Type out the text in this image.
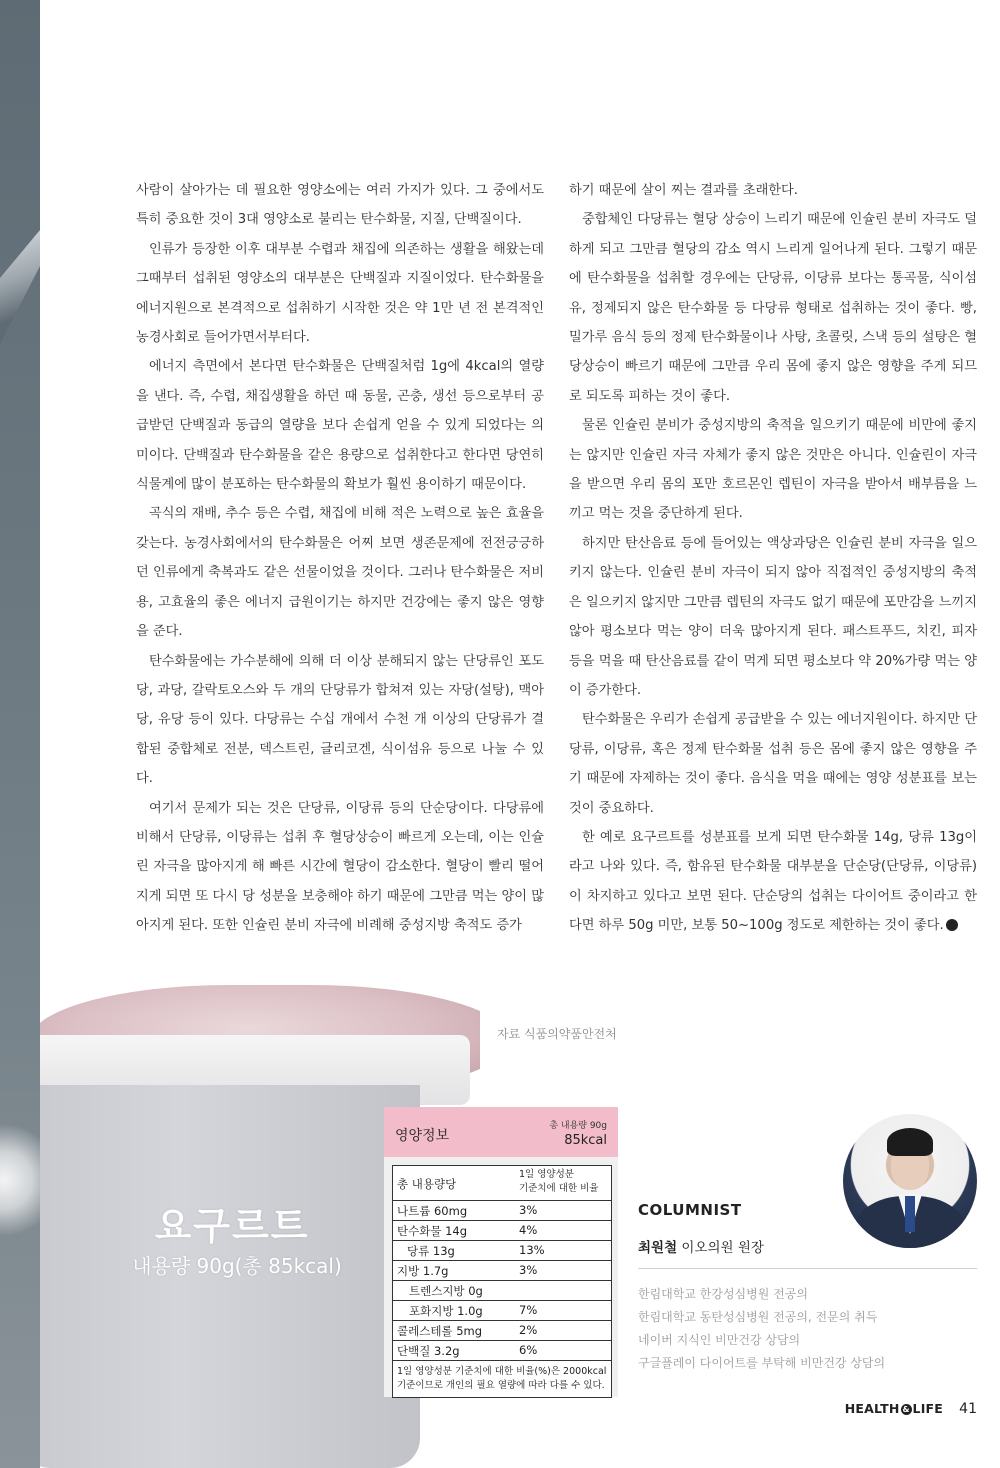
사람이 살아가는 데 필요한 영양소에는 여러 가지가 있다. 그 중에서도 특히 중요한 것이 3대 영양소로 불리는 탄수화물, 지질, 단백질이다.

인류가 등장한 이후 대부분 수렵과 채집에 의존하는 생활을 해왔는데 그때부터 섭취된 영양소의 대부분은 단백질과 지질이었다. 탄수화물을 에너지원으로 본격적으로 섭취하기 시작한 것은 약 1만 년 전 본격적인 농경사회로 들어가면서부터다.

에너지 측면에서 본다면 탄수화물은 단백질처럼 1g에 4kcal의 열량을 낸다. 즉, 수렵, 채집생활을 하던 때 동물, 곤충, 생선 등으로부터 공급받던 단백질과 동급의 열량을 보다 손쉽게 얻을 수 있게 되었다는 의미이다. 단백질과 탄수화물을 같은 용량으로 섭취한다고 한다면 당연히 식물계에 많이 분포하는 탄수화물의 확보가 훨씬 용이하기 때문이다.

곡식의 재배, 추수 등은 수렵, 채집에 비해 적은 노력으로 높은 효율을 갖는다. 농경사회에서의 탄수화물은 어찌 보면 생존문제에 전전긍긍하던 인류에게 축복과도 같은 선물이었을 것이다. 그러나 탄수화물은 저비용, 고효율의 좋은 에너지 급원이기는 하지만 건강에는 좋지 않은 영향을 준다.

탄수화물에는 가수분해에 의해 더 이상 분해되지 않는 단당류인 포도당, 과당, 갈락토오스와 두 개의 단당류가 합쳐져 있는 자당(설탕), 맥아당, 유당 등이 있다. 다당류는 수십 개에서 수천 개 이상의 단당류가 결합된 중합체로 전분, 덱스트린, 글리코겐, 식이섬유 등으로 나눌 수 있다.

여기서 문제가 되는 것은 단당류, 이당류 등의 단순당이다. 다당류에 비해서 단당류, 이당류는 섭취 후 혈당상승이 빠르게 오는데, 이는 인슐린 자극을 많아지게 해 빠른 시간에 혈당이 감소한다. 혈당이 빨리 떨어지게 되면 또 다시 당 성분을 보충해야 하기 때문에 그만큼 먹는 양이 많아지게 된다. 또한 인슐린 분비 자극에 비례해 중성지방 축적도 증가

하기 때문에 살이 찌는 결과를 초래한다.

중합체인 다당류는 혈당 상승이 느리기 때문에 인슐린 분비 자극도 덜하게 되고 그만큼 혈당의 감소 역시 느리게 일어나게 된다. 그렇기 때문에 탄수화물을 섭취할 경우에는 단당류, 이당류 보다는 통곡물, 식이섬유, 정제되지 않은 탄수화물 등 다당류 형태로 섭취하는 것이 좋다. 빵, 밀가루 음식 등의 정제 탄수화물이나 사탕, 초콜릿, 스낵 등의 설탕은 혈당상승이 빠르기 때문에 그만큼 우리 몸에 좋지 않은 영향을 주게 되므로 되도록 피하는 것이 좋다.

물론 인슐린 분비가 중성지방의 축적을 일으키기 때문에 비만에 좋지는 않지만 인슐린 자극 자체가 좋지 않은 것만은 아니다. 인슐린이 자극을 받으면 우리 몸의 포만 호르몬인 렙틴이 자극을 받아서 배부름을 느끼고 먹는 것을 중단하게 된다.

하지만 탄산음료 등에 들어있는 액상과당은 인슐린 분비 자극을 일으키지 않는다. 인슐린 분비 자극이 되지 않아 직접적인 중성지방의 축적은 일으키지 않지만 그만큼 렙틴의 자극도 없기 때문에 포만감을 느끼지 않아 평소보다 먹는 양이 더욱 많아지게 된다. 패스트푸드, 치킨, 피자 등을 먹을 때 탄산음료를 같이 먹게 되면 평소보다 약 20%가량 먹는 양이 증가한다.

탄수화물은 우리가 손쉽게 공급받을 수 있는 에너지원이다. 하지만 단당류, 이당류, 혹은 정제 탄수화물 섭취 등은 몸에 좋지 않은 영향을 주기 때문에 자제하는 것이 좋다. 음식을 먹을 때에는 영양 성분표를 보는 것이 중요하다.

한 예로 요구르트를 성분표를 보게 되면 탄수화물 14g, 당류 13g이라고 나와 있다. 즉, 함유된 탄수화물 대부분을 단순당(단당류, 이당류)이 차지하고 있다고 보면 된다. 단순당의 섭취는 다이어트 중이라고 한다면 하루 50g 미만, 보통 50~100g 정도로 제한하는 것이 좋다. &

요구르트
내용량 90g(총 85kcal)
자료 식품의약품안전처
영양정보
총 내용량 90g
85kcal
총 내용량당
1일 영양성분
기준치에 대한 비율
나트륨 60mg	3%
탄수화물 14g	4%
당류 13g	13%
지방 1.7g	3%
트렌스지방 0g
포화지방 1.0g	7%
콜레스테롤 5mg	2%
단백질 3.2g	6%
1일 영양성분 기준치에 대한 비율(%)은 2000kcal 기준이므로 개인의 필요 열량에 따라 다를 수 있다.
COLUMNIST
최원철 이오의원 원장
한림대학교 한강성심병원 전공의
한림대학교 동탄성심병원 전공의, 전문의 취득
네이버 지식인 비만건강 상담의
구글플레이 다이어트를 부탁해 비만건강 상담의
HEALTH & LIFE 41
